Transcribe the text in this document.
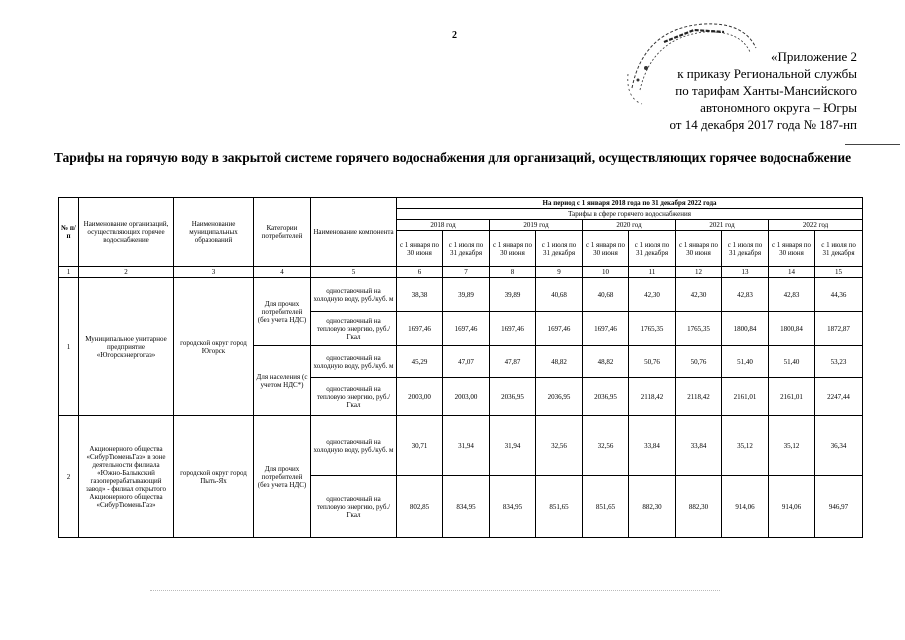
2
«Приложение 2
к приказу Региональной службы
по тарифам Ханты-Мансийского
автономного округа – Югры
от 14 декабря 2017 года № 187-нп
Тарифы на горячую воду в закрытой системе горячего водоснабжения для организаций, осуществляющих горячее водоснабжение
№ п/п	Наименование организаций, осуществляющих горячее водоснабжение	Наименование муниципальных образований	Категории потребителей	Наименование компонента	На период с 1 января 2018 года по 31 декабря 2022 года									
					Тарифы в сфере горячего водоснабжения									
					2018 год		2019 год		2020 год		2021 год		2022 год	
					с 1 января по 30 июня	с 1 июля по 31 декабря	с 1 января по 30 июня	с 1 июля по 31 декабря	с 1 января по 30 июня	с 1 июля по 31 декабря	с 1 января по 30 июня	с 1 июля по 31 декабря	с 1 января по 30 июня	с 1 июля по 31 декабря
1	2	3	4	5	6	7	8	9	10	11	12	13	14	15
1	Муниципальное унитарное предприятие «Югорскэнергогаз»	городской округ город Югорск	Для прочих потребителей (без учета НДС)	одноставочный на холодную воду, руб./куб. м	38,38	39,89	39,89	40,68	40,68	42,30	42,30	42,83	42,83	44,36
				одноставочный на тепловую энергию, руб./ Гкал	1697,46	1697,46	1697,46	1697,46	1697,46	1765,35	1765,35	1800,84	1800,84	1872,87
			Для населения (с учетом НДС*)	одноставочный на холодную воду, руб./куб. м	45,29	47,07	47,87	48,82	48,82	50,76	50,76	51,40	51,40	53,23
				одноставочный на тепловую энергию, руб./ Гкал	2003,00	2003,00	2036,95	2036,95	2036,95	2118,42	2118,42	2161,01	2161,01	2247,44
2	Акционерного общества «СибурТюменьГаз» в зоне деятельности филиала «Южно-Балыкский газоперерабатывающий завод» - филиал открытого Акционерного общества «СибурТюменьГаз»	городской округ город Пыть-Ях	Для прочих потребителей (без учета НДС)	одноставочный на холодную воду, руб./куб. м	30,71	31,94	31,94	32,56	32,56	33,84	33,84	35,12	35,12	36,34
				одноставочный на тепловую энергию, руб./ Гкал	802,85	834,95	834,95	851,65	851,65	882,30	882,30	914,06	914,06	946,97
